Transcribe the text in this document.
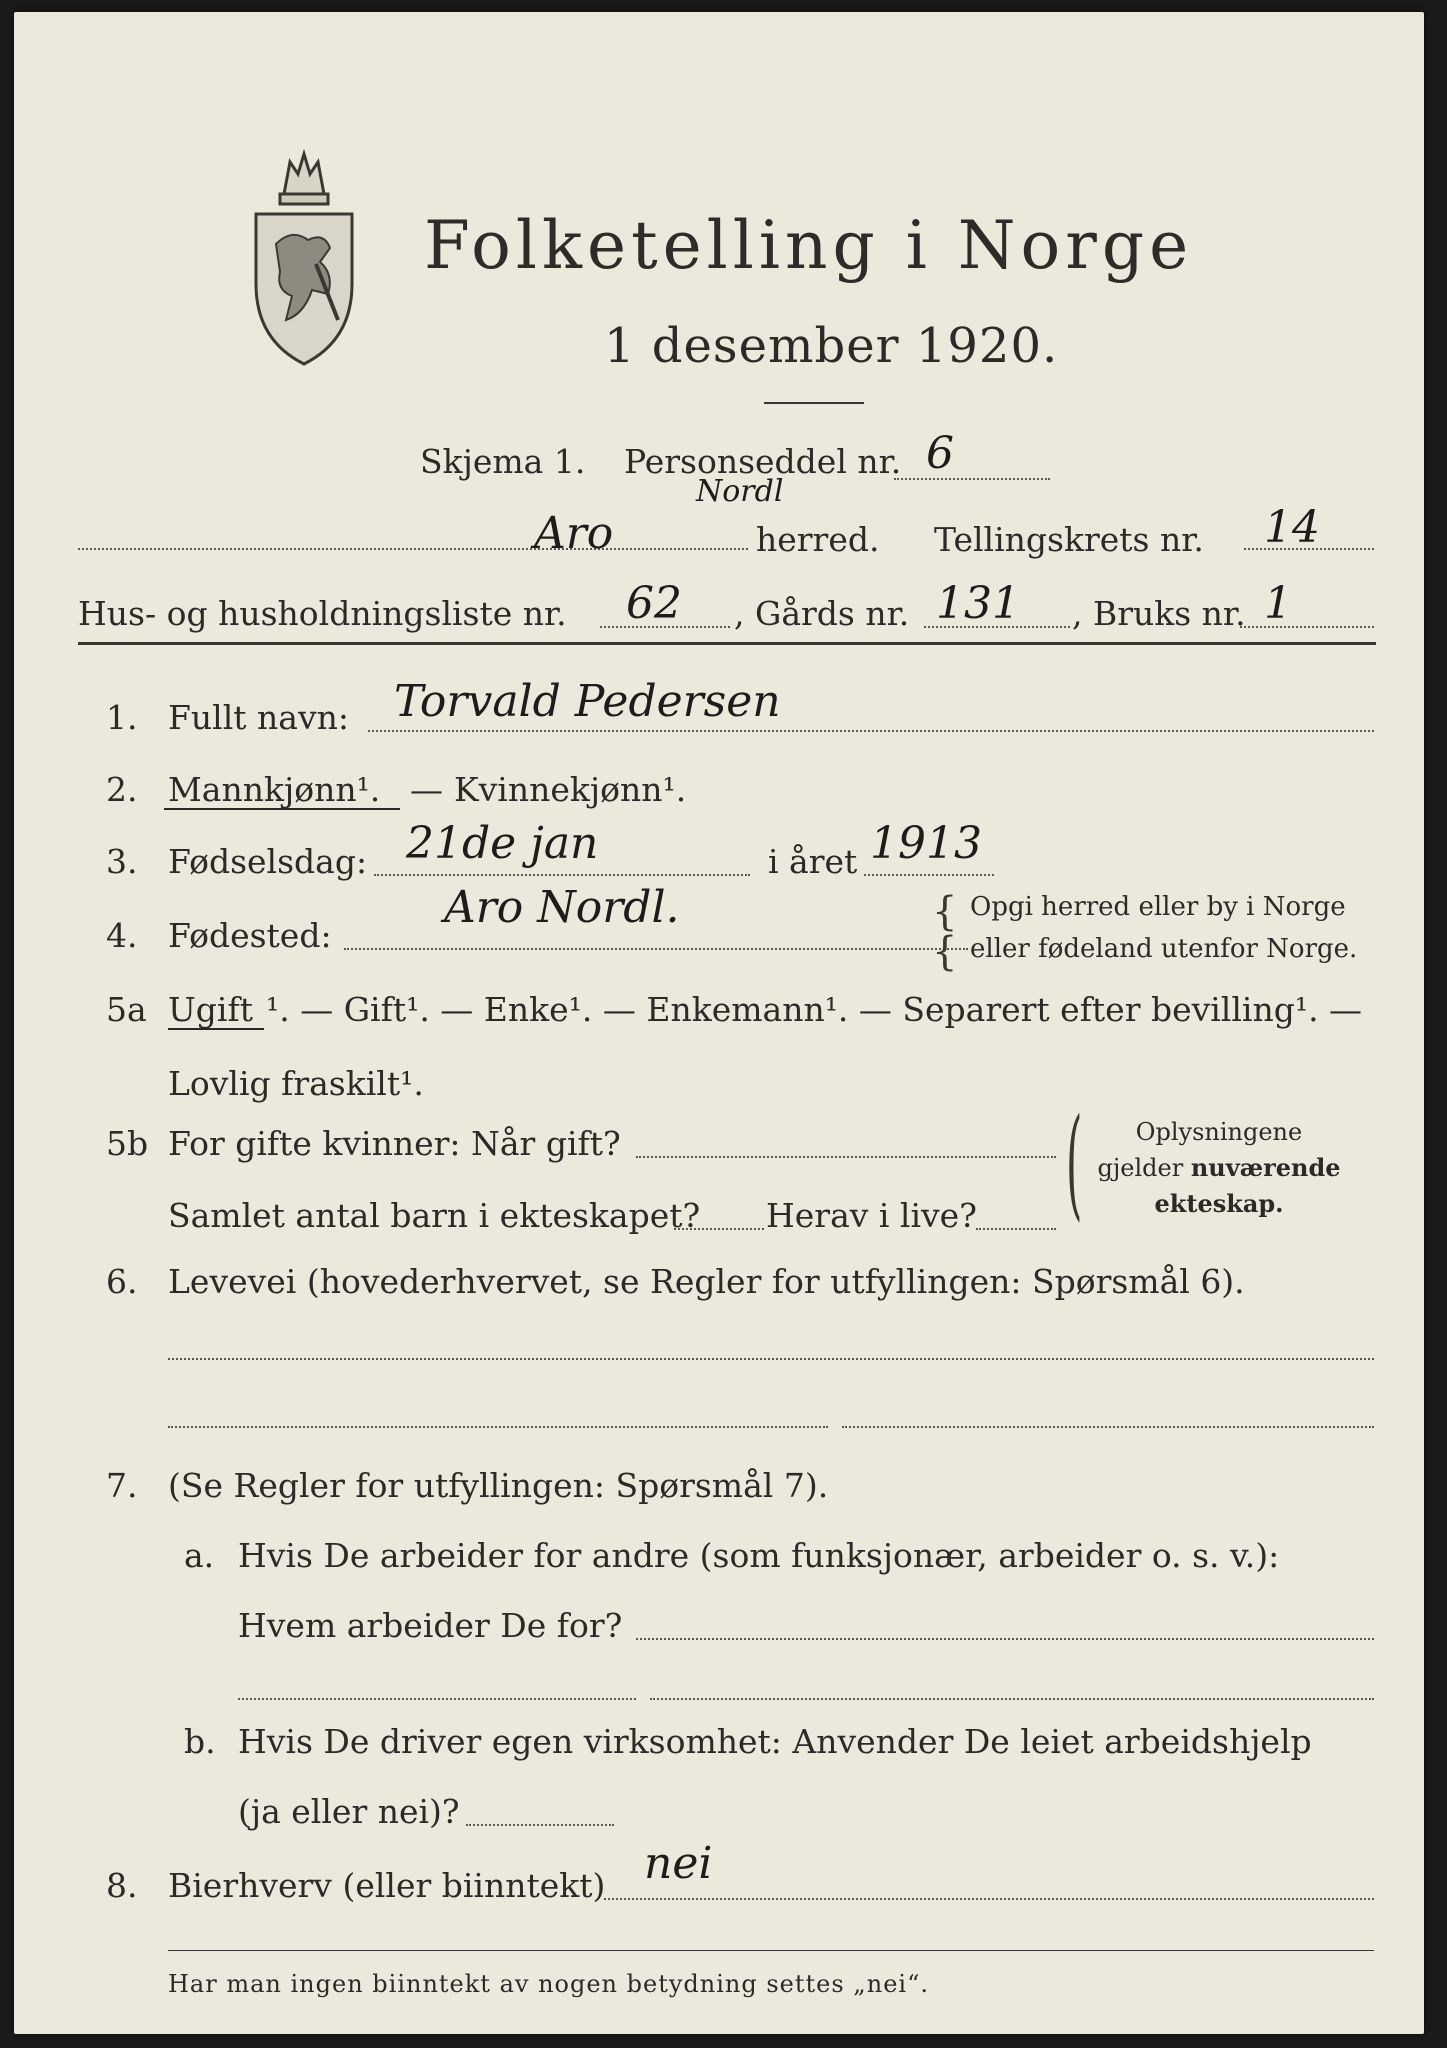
Folketelling i Norge
1 desember 1920.
Skjema 1. Personseddel nr. 6
Aro
Nordl
herred. Tellingskrets nr. 14
Hus- og husholdningsliste nr. 62 , Gårds nr. 131 , Bruks nr. 1
1. Fullt navn: Torvald Pedersen
2. Mannkjønn¹. — Kvinnekjønn¹.
3. Fødselsdag: 21de jan	i året 1913
4. Fødested:
Aro Nordl.	{
{
Opgi herred eller by i Norge
eller fødeland utenfor Norge.
5a Ugift ¹. — Gift¹. — Enke¹. — Enkemann¹. — Separert efter bevilling¹. —
Lovlig fraskilt¹.
5b For gifte kvinner: Når gift?
Samlet antal barn i ekteskapet? Herav i live? (	Oplysningene
gjelder nuværende
ekteskap.
6. Levevei (hovederhvervet, se Regler for utfyllingen: Spørsmål 6).
7. (Se Regler for utfyllingen: Spørsmål 7).
a. Hvis De arbeider for andre (som funksjonær, arbeider o. s. v.):
Hvem arbeider De for?
b. Hvis De driver egen virksomhet: Anvender De leiet arbeidshjelp
(ja eller nei)?
8. Bierhverv (eller biinntekt) nei
Har man ingen biinntekt av nogen betydning settes „nei“.
